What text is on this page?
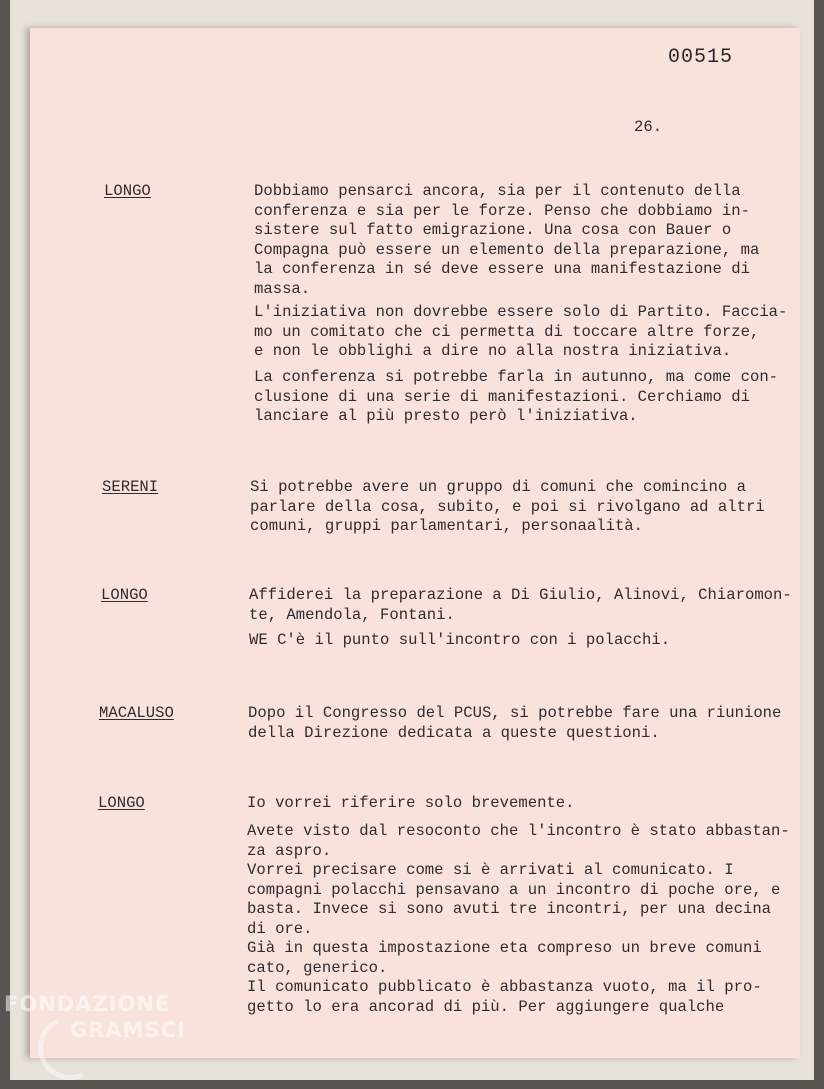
00515
26.
LONGO	Dobbiamo pensarci ancora, sia per il contenuto della
conferenza e sia per le forze. Penso che dobbiamo in-
sistere sul fatto emigrazione. Una cosa con Bauer o
Compagna può essere un elemento della preparazione, ma
la conferenza in sé deve essere una manifestazione di
massa.
L'iniziativa non dovrebbe essere solo di Partito. Faccia-
mo un comitato che ci permetta di toccare altre forze,
e non le obblighi a dire no alla nostra iniziativa.
La conferenza si potrebbe farla in autunno, ma come con-
clusione di una serie di manifestazioni. Cerchiamo di
lanciare al più presto però l'iniziativa.
SERENI	Si potrebbe avere un gruppo di comuni che comincino a
parlare della cosa, subito, e poi si rivolgano ad altri
comuni, gruppi parlamentari, personaalità.
LONGO	Affiderei la preparazione a Di Giulio, Alinovi, Chiaromon-
te, Amendola, Fontani.
WE C'è il punto sull'incontro con i polacchi.
MACALUSO	Dopo il Congresso del PCUS, si potrebbe fare una riunione
della Direzione dedicata a queste questioni.
LONGO	Io vorrei riferire solo brevemente.
Avete visto dal resoconto che l'incontro è stato abbastan-
za aspro.
Vorrei precisare come si è arrivati al comunicato. I
compagni polacchi pensavano a un incontro di poche ore, e
basta. Invece si sono avuti tre incontri, per una decina
di ore.
Già in questa impostazione eta compreso un breve comuni
cato, generico.
Il comunicato pubblicato è abbastanza vuoto, ma il pro-
getto lo era ancorad di più. Per aggiungere qualche
FONDAZIONE
GRAMSCI
